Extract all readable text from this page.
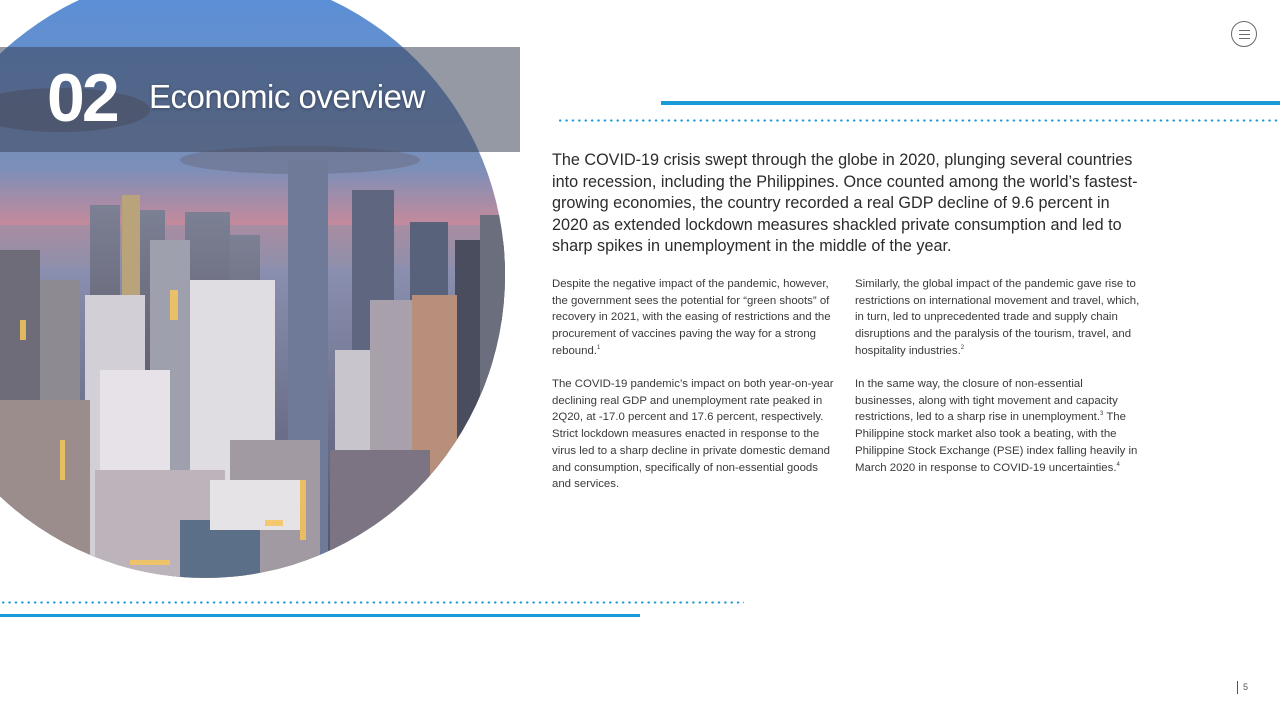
02 Economic overview

The COVID-19 crisis swept through the globe in 2020, plunging several countries into recession, including the Philippines. Once counted among the world’s fastest-growing economies, the country recorded a real GDP decline of 9.6 percent in 2020 as extended lockdown measures shackled private consumption and led to sharp spikes in unemployment in the middle of the year.

Despite the negative impact of the pandemic, however, the government sees the potential for “green shoots” of recovery in 2021, with the easing of restrictions and the procurement of vaccines paving the way for a strong rebound.$^1$

The COVID-19 pandemic’s impact on both year-on-year declining real GDP and unemployment rate peaked in 2Q20, at -17.0 percent and 17.6 percent, respectively. Strict lockdown measures enacted in response to the virus led to a sharp decline in private domestic demand and consumption, specifically of non-essential goods and services.

Similarly, the global impact of the pandemic gave rise to restrictions on international movement and travel, which, in turn, led to unprecedented trade and supply chain disruptions and the paralysis of the tourism, travel, and hospitality industries.$^2$

In the same way, the closure of non-essential businesses, along with tight movement and capacity restrictions, led to a sharp rise in unemployment.$^3$ The Philippine stock market also took a beating, with the Philippine Stock Exchange (PSE) index falling heavily in March 2020 in response to COVID-19 uncertainties.$^4$

5
